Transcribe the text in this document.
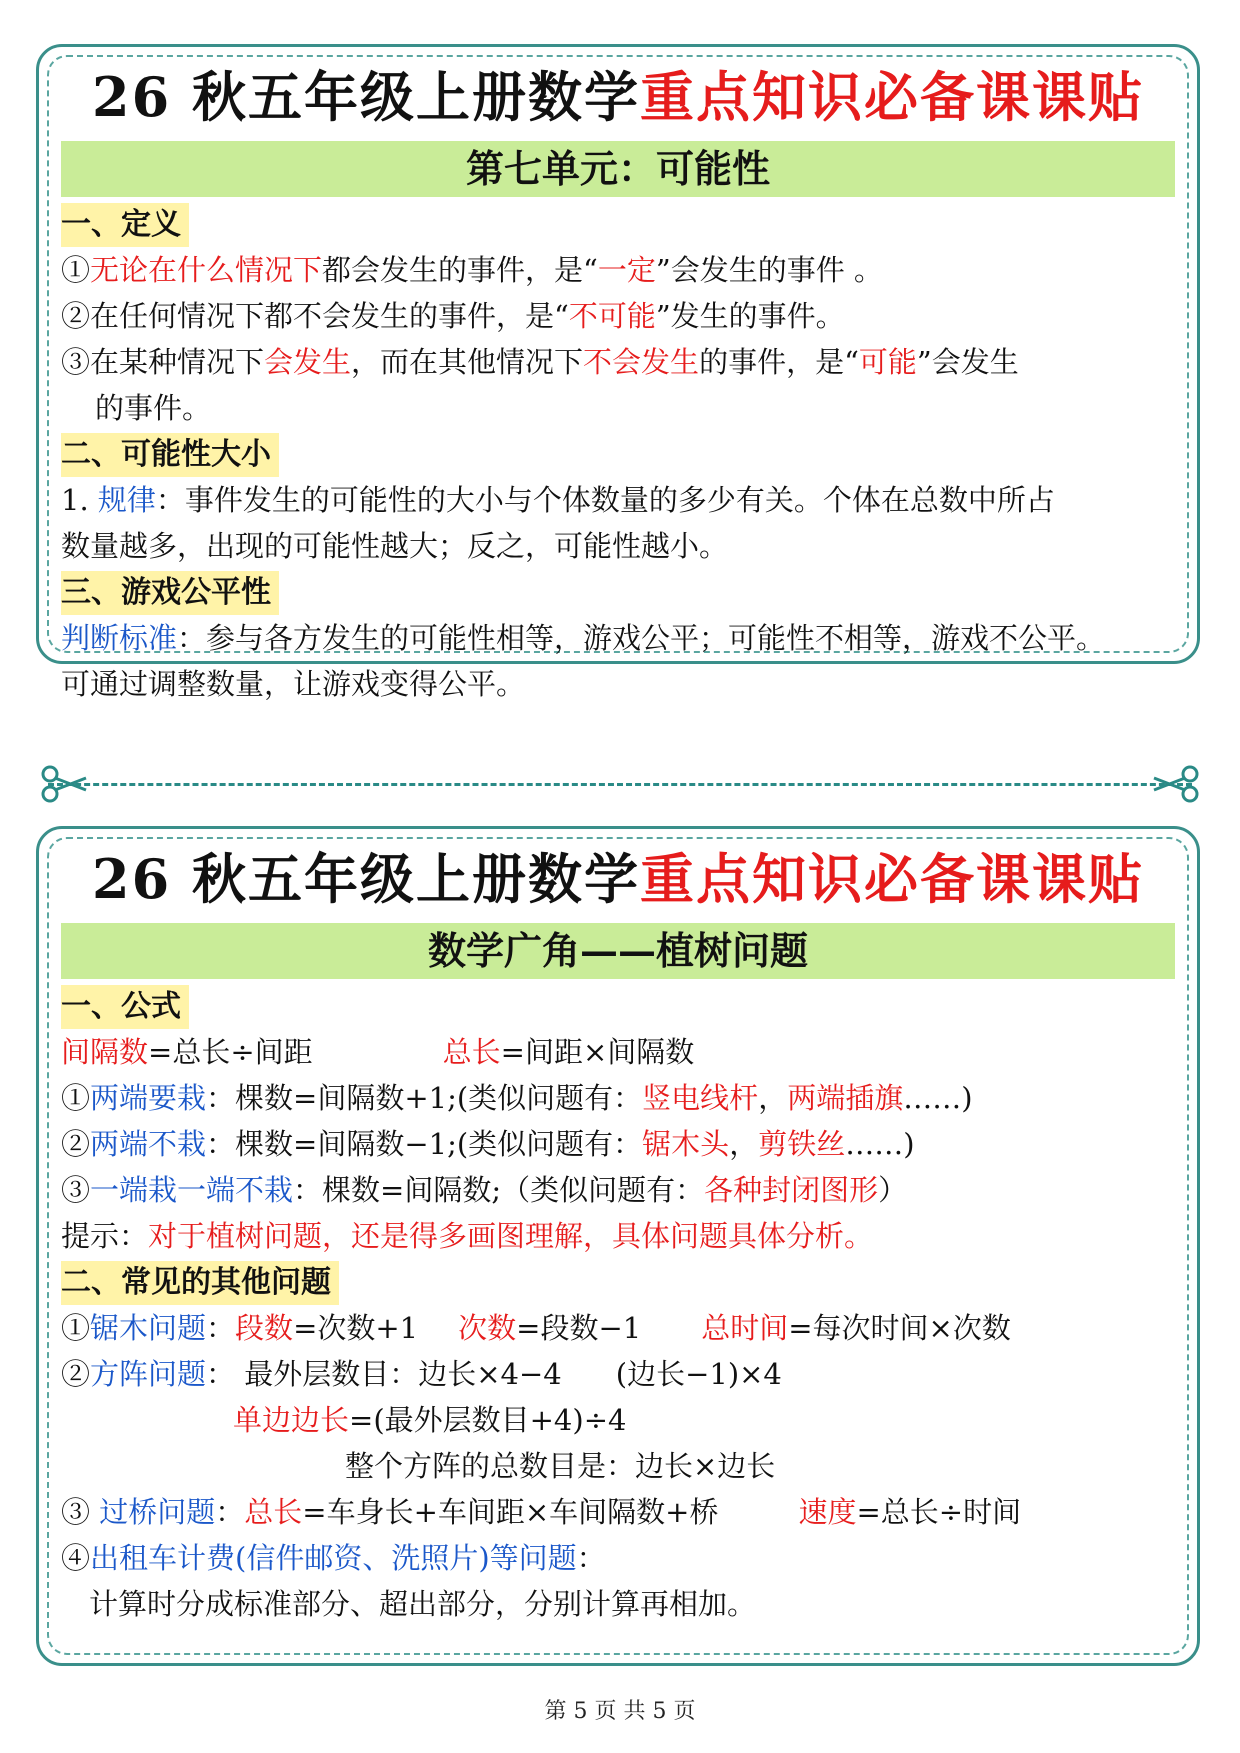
26 秋五年级上册数学重点知识必备课课贴
第七单元：可能性
一、定义
①无论在什么情况下都会发生的事件，是“一定”会发生的事件 。
②在任何情况下都不会发生的事件，是“不可能”发生的事件。
③在某种情况下会发生，而在其他情况下不会发生的事件，是“可能”会发生
的事件。
二、可能性大小
1. 规律：事件发生的可能性的大小与个体数量的多少有关。个体在总数中所占
数量越多，出现的可能性越大；反之，可能性越小。
三、游戏公平性
判断标准：参与各方发生的可能性相等，游戏公平；可能性不相等，游戏不公平。
可通过调整数量，让游戏变得公平。
26 秋五年级上册数学重点知识必备课课贴
数学广角——植树问题
一、公式
间隔数=总长÷间距	总长=间距×间隔数
①两端要栽：棵数=间隔数+1;(类似问题有：竖电线杆，两端插旗……)
②两端不栽：棵数=间隔数−1;(类似问题有：锯木头，剪铁丝……)
③一端栽一端不栽：棵数=间隔数;（类似问题有：各种封闭图形）
提示：对于植树问题，还是得多画图理解，具体问题具体分析。
二、常见的其他问题
①锯木问题：段数=次数+1 次数=段数−1 总时间=每次时间×次数
②方阵问题： 最外层数目：边长×4−4 (边长−1)×4
单边边长=(最外层数目+4)÷4
整个方阵的总数目是：边长×边长
③ 过桥问题：总长=车身长+车间距×车间隔数+桥	速度=总长÷时间
④出租车计费(信件邮资、洗照片)等问题：
计算时分成标准部分、超出部分，分别计算再相加。
第 5 页 共 5 页
